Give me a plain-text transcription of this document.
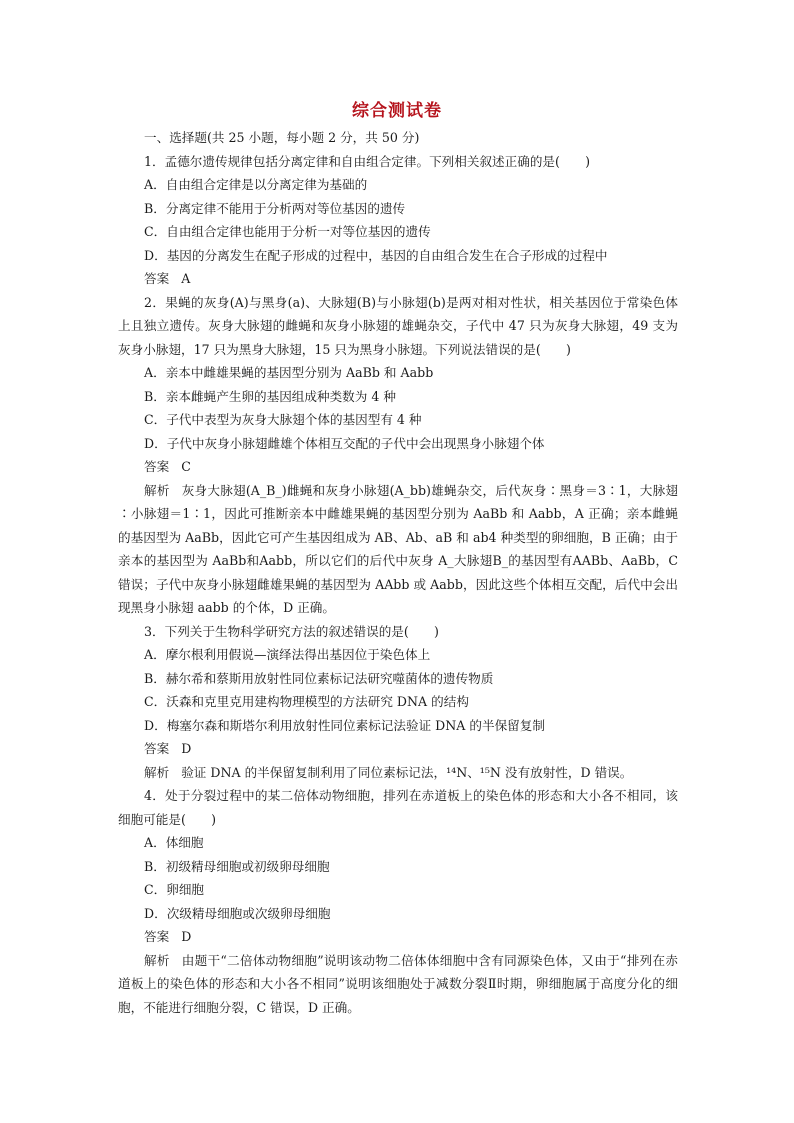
综合测试卷
一、选择题(共 25 小题，每小题 2 分，共 50 分)
1．孟德尔遗传规律包括分离定律和自由组合定律。下列相关叙述正确的是(　　)
A．自由组合定律是以分离定律为基础的
B．分离定律不能用于分析两对等位基因的遗传
C．自由组合定律也能用于分析一对等位基因的遗传
D．基因的分离发生在配子形成的过程中，基因的自由组合发生在合子形成的过程中
答案 A
2．果蝇的灰身(A)与黑身(a)、大脉翅(B)与小脉翅(b)是两对相对性状，相关基因位于常染色体上且独立遗传。灰身大脉翅的雌蝇和灰身小脉翅的雄蝇杂交，子代中 47 只为灰身大脉翅，49 支为灰身小脉翅，17 只为黑身大脉翅，15 只为黑身小脉翅。下列说法错误的是(　　)
A．亲本中雌雄果蝇的基因型分别为 AaBb 和 Aabb
B．亲本雌蝇产生卵的基因组成种类数为 4 种
C．子代中表型为灰身大脉翅个体的基因型有 4 种
D．子代中灰身小脉翅雌雄个体相互交配的子代中会出现黑身小脉翅个体
答案 C
解析 灰身大脉翅(A_B_)雌蝇和灰身小脉翅(A_bb)雄蝇杂交，后代灰身∶黑身＝3∶1，大脉翅∶小脉翅＝1∶1，因此可推断亲本中雌雄果蝇的基因型分别为 AaBb 和 Aabb，A 正确；亲本雌蝇的基因型为 AaBb，因此它可产生基因组成为 AB、Ab、aB 和 ab4 种类型的卵细胞，B 正确；由于亲本的基因型为 AaBb和Aabb，所以它们的后代中灰身 A_大脉翅B_的基因型有AABb、AaBb，C 错误；子代中灰身小脉翅雌雄果蝇的基因型为 AAbb 或 Aabb，因此这些个体相互交配，后代中会出现黑身小脉翅 aabb 的个体，D 正确。
3．下列关于生物科学研究方法的叙述错误的是(　　)
A．摩尔根利用假说—演绎法得出基因位于染色体上
B．赫尔希和蔡斯用放射性同位素标记法研究噬菌体的遗传物质
C．沃森和克里克用建构物理模型的方法研究 DNA 的结构
D．梅塞尔森和斯塔尔利用放射性同位素标记法验证 DNA 的半保留复制
答案 D
解析 验证 DNA 的半保留复制利用了同位素标记法，¹⁴N、¹⁵N 没有放射性，D 错误。
4．处于分裂过程中的某二倍体动物细胞，排列在赤道板上的染色体的形态和大小各不相同，该细胞可能是(　　)
A．体细胞
B．初级精母细胞或初级卵母细胞
C．卵细胞
D．次级精母细胞或次级卵母细胞
答案 D
解析 由题干“二倍体动物细胞”说明该动物二倍体体细胞中含有同源染色体，又由于“排列在赤道板上的染色体的形态和大小各不相同”说明该细胞处于减数分裂Ⅱ时期，卵细胞属于高度分化的细胞，不能进行细胞分裂，C 错误，D 正确。
